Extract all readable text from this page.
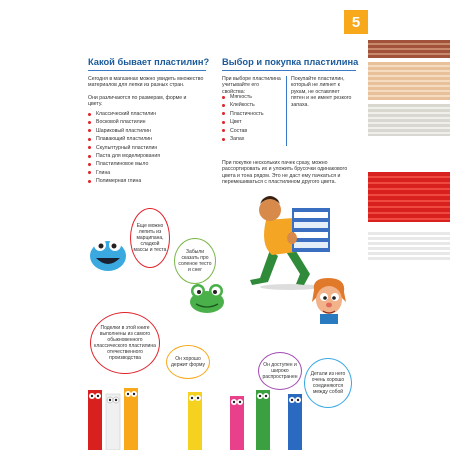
5
Какой бывает пластилин?
Сегодня в магазинах можно увидеть множество материалов для лепки из разных стран.
Они различаются по размерам, форме и цвету.
Классический пластилин
Восковой пластилин
Шариковый пластилин
Плавающий пластилин
Скульптурный пластилин
Паста для моделирования
Пластилиновое мыло
Глина
Полимерная глина
Выбор и покупка пластилина
При выборе пластилина учитывайте его свойства:
Мягкость
Клейкость
Пластичность
Цвет
Состав
Запах
Покупайте пластилин, который не липнет к рукам, не оставляет пятен и не имеет резкого запаха.
При покупке нескольких пачек сразу, можно рассортировать их и уложить брусочки одинакового цвета и тона рядом. Это не даст ему пачкаться и перемешиваться с пластилином другого цвета.
Еще можно лепить из марципана, сладкой массы и теста	Забыли сказать про соленое тесто и снег
Поделки в этой книге выполнены из самого обыкновенного классического пластилина отечественного производства	Он хорошо держит форму	Он доступен и широко распространен	Детали из него очень хорошо соединяются между собой
